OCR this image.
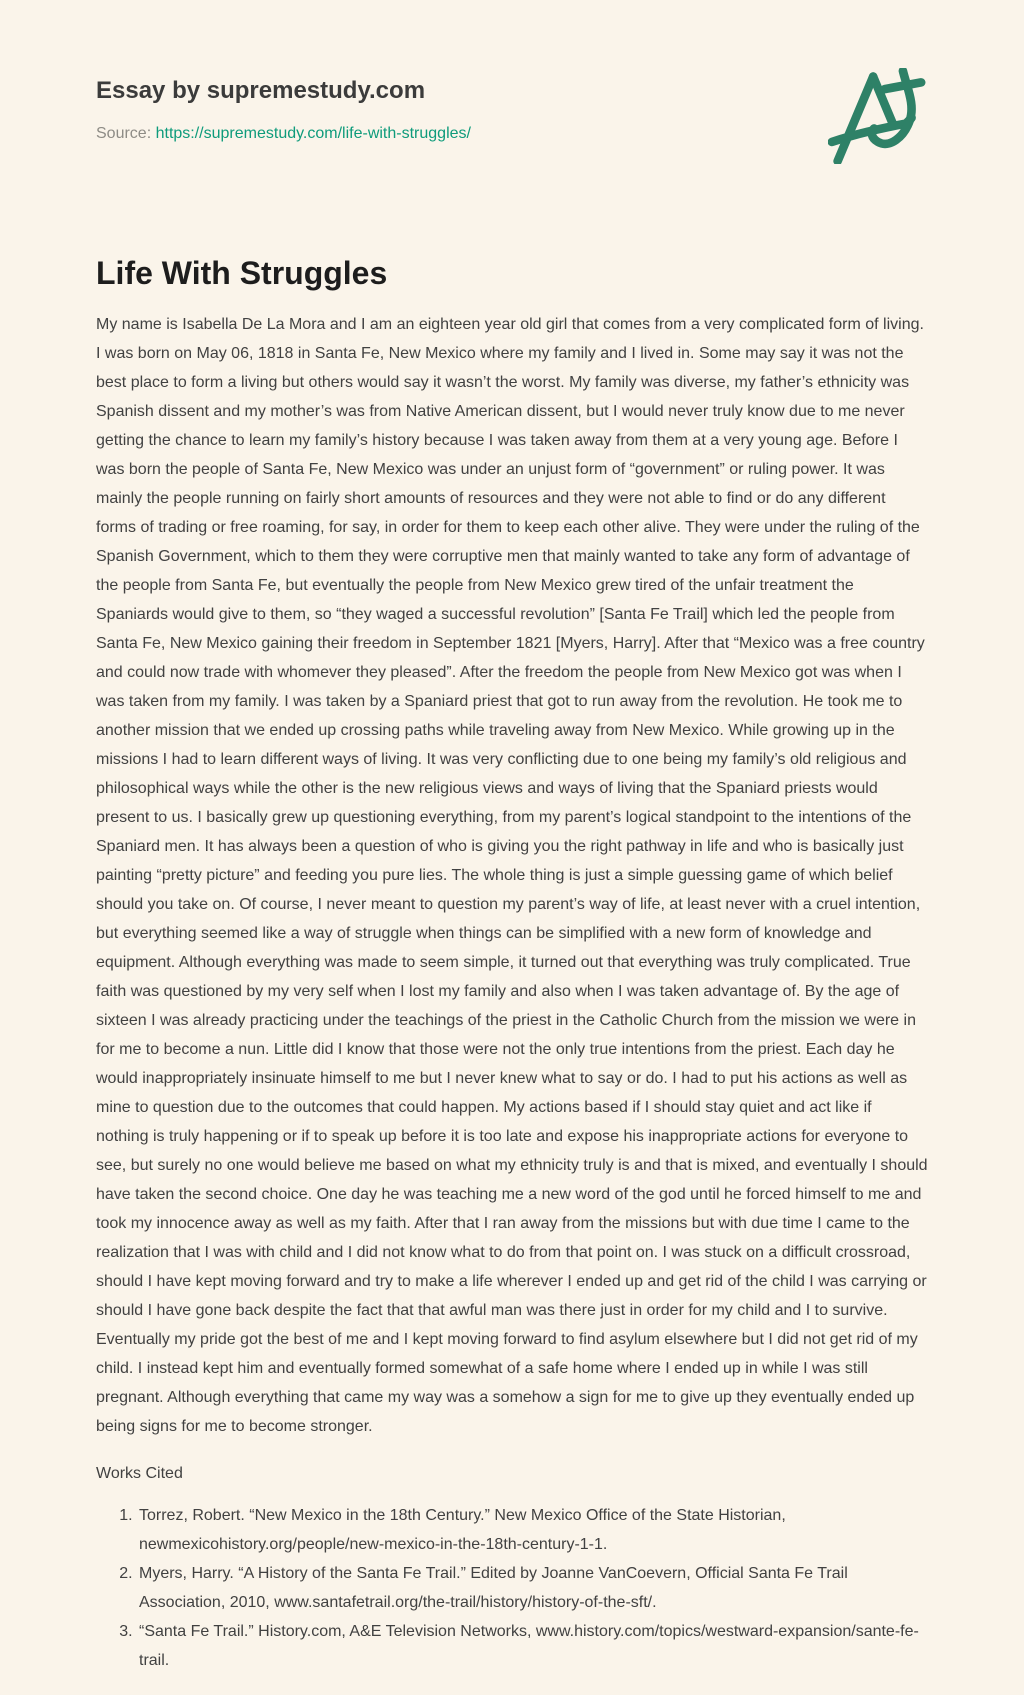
Essay by supremestudy.com

Source: https://supremestudy.com/life-with-struggles/

Life With Struggles

My name is Isabella De La Mora and I am an eighteen year old girl that comes from a very complicated form of living. I was born on May 06, 1818 in Santa Fe, New Mexico where my family and I lived in. Some may say it was not the best place to form a living but others would say it wasn’t the worst. My family was diverse, my father’s ethnicity was Spanish dissent and my mother’s was from Native American dissent, but I would never truly know due to me never getting the chance to learn my family’s history because I was taken away from them at a very young age. Before I was born the people of Santa Fe, New Mexico was under an unjust form of “government” or ruling power. It was mainly the people running on fairly short amounts of resources and they were not able to find or do any different forms of trading or free roaming, for say, in order for them to keep each other alive. They were under the ruling of the Spanish Government, which to them they were corruptive men that mainly wanted to take any form of advantage of the people from Santa Fe, but eventually the people from New Mexico grew tired of the unfair treatment the Spaniards would give to them, so “they waged a successful revolution” [Santa Fe Trail] which led the people from Santa Fe, New Mexico gaining their freedom in September 1821 [Myers, Harry]. After that “Mexico was a free country and could now trade with whomever they pleased”. After the freedom the people from New Mexico got was when I was taken from my family. I was taken by a Spaniard priest that got to run away from the revolution. He took me to another mission that we ended up crossing paths while traveling away from New Mexico. While growing up in the missions I had to learn different ways of living. It was very conflicting due to one being my family’s old religious and philosophical ways while the other is the new religious views and ways of living that the Spaniard priests would present to us. I basically grew up questioning everything, from my parent’s logical standpoint to the intentions of the Spaniard men. It has always been a question of who is giving you the right pathway in life and who is basically just painting “pretty picture” and feeding you pure lies. The whole thing is just a simple guessing game of which belief should you take on. Of course, I never meant to question my parent’s way of life, at least never with a cruel intention, but everything seemed like a way of struggle when things can be simplified with a new form of knowledge and equipment. Although everything was made to seem simple, it turned out that everything was truly complicated. True faith was questioned by my very self when I lost my family and also when I was taken advantage of. By the age of sixteen I was already practicing under the teachings of the priest in the Catholic Church from the mission we were in for me to become a nun. Little did I know that those were not the only true intentions from the priest. Each day he would inappropriately insinuate himself to me but I never knew what to say or do. I had to put his actions as well as mine to question due to the outcomes that could happen. My actions based if I should stay quiet and act like if nothing is truly happening or if to speak up before it is too late and expose his inappropriate actions for everyone to see, but surely no one would believe me based on what my ethnicity truly is and that is mixed, and eventually I should have taken the second choice. One day he was teaching me a new word of the god until he forced himself to me and took my innocence away as well as my faith. After that I ran away from the missions but with due time I came to the realization that I was with child and I did not know what to do from that point on. I was stuck on a difficult crossroad, should I have kept moving forward and try to make a life wherever I ended up and get rid of the child I was carrying or should I have gone back despite the fact that that awful man was there just in order for my child and I to survive. Eventually my pride got the best of me and I kept moving forward to find asylum elsewhere but I did not get rid of my child. I instead kept him and eventually formed somewhat of a safe home where I ended up in while I was still pregnant. Although everything that came my way was a somehow a sign for me to give up they eventually ended up being signs for me to become stronger.

Works Cited

1. Torrez, Robert. “New Mexico in the 18th Century.” New Mexico Office of the State Historian, newmexicohistory.org/people/new-mexico-in-the-18th-century-1-1.
2. Myers, Harry. “A History of the Santa Fe Trail.” Edited by Joanne VanCoevern, Official Santa Fe Trail Association, 2010, www.santafetrail.org/the-trail/history/history-of-the-sft/.
3. “Santa Fe Trail.” History.com, A&E Television Networks, www.history.com/topics/westward-expansion/sante-fe-trail.
